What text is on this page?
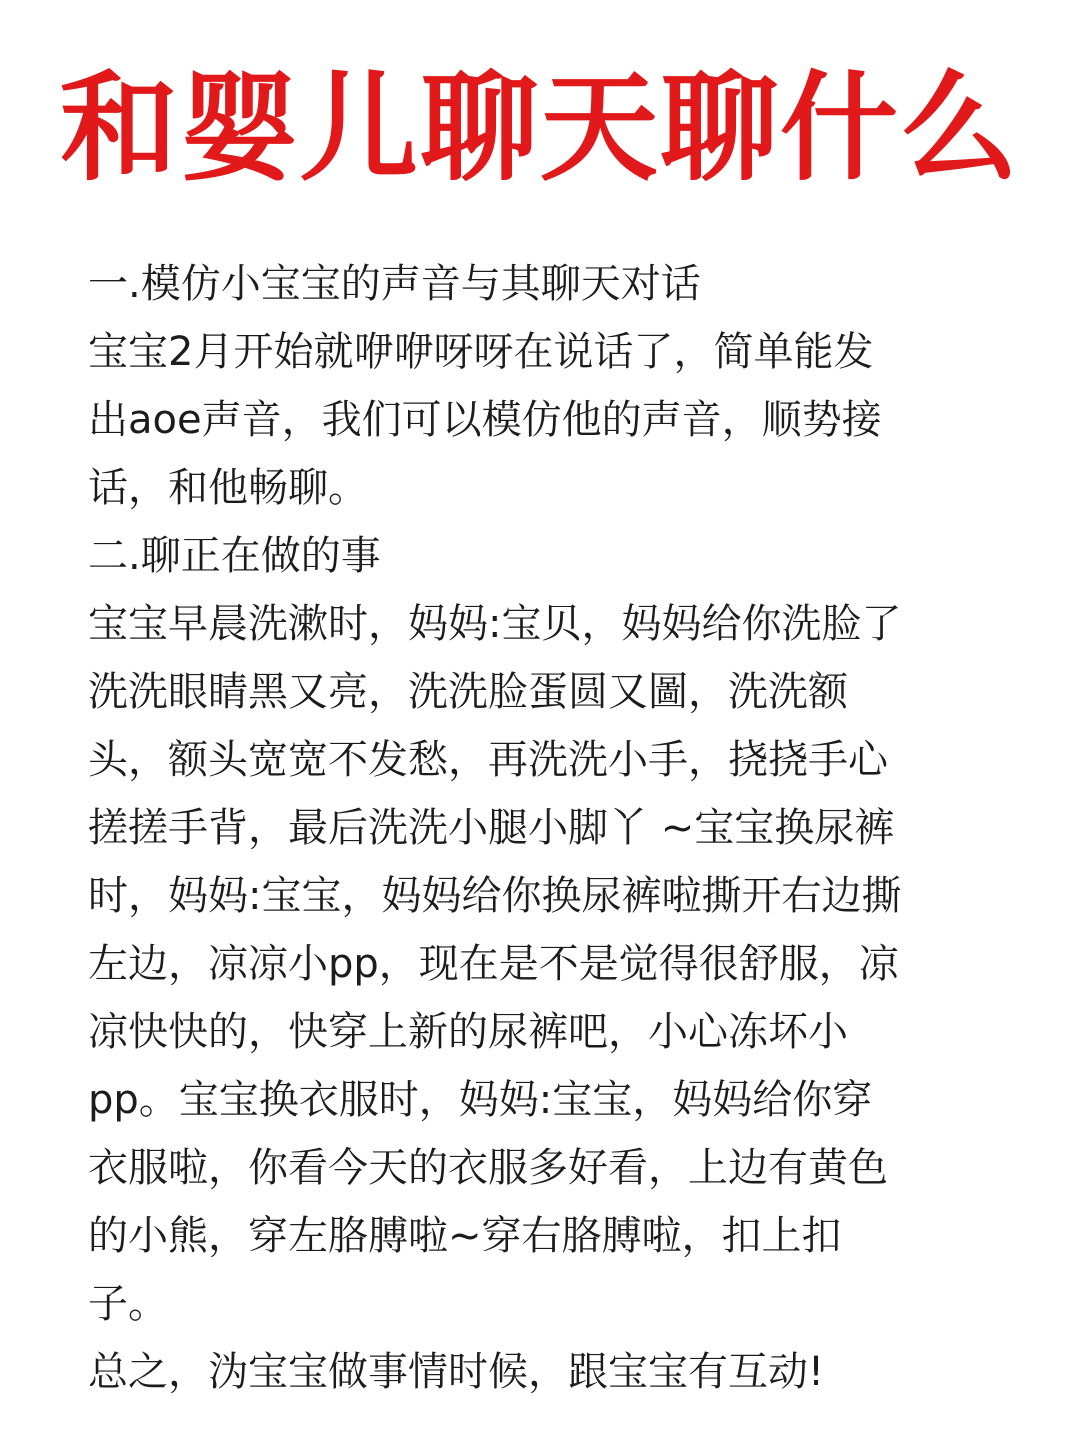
和婴儿聊天聊什么
一.模仿小宝宝的声音与其聊天对话
宝宝2月开始就咿咿呀呀在说话了，简单能发
出aoe声音，我们可以模仿他的声音，顺势接
话，和他畅聊。
二.聊正在做的事
宝宝早晨洗漱时，妈妈:宝贝，妈妈给你洗脸了
洗洗眼睛黑又亮，洗洗脸蛋圆又圖，洗洗额
头，额头宽宽不发愁，再洗洗小手，挠挠手心
搓搓手背，最后洗洗小腿小脚丫 ~宝宝换尿裤
时，妈妈:宝宝，妈妈给你换尿裤啦撕开右边撕
左边，凉凉小pp，现在是不是觉得很舒服，凉
凉快快的，快穿上新的尿裤吧，小心冻坏小
pp。宝宝换衣服时，妈妈:宝宝，妈妈给你穿
衣服啦，你看今天的衣服多好看，上边有黄色
的小熊，穿左胳膊啦~穿右胳膊啦，扣上扣
子。
总之，沩宝宝做事情时候，跟宝宝有互动!
